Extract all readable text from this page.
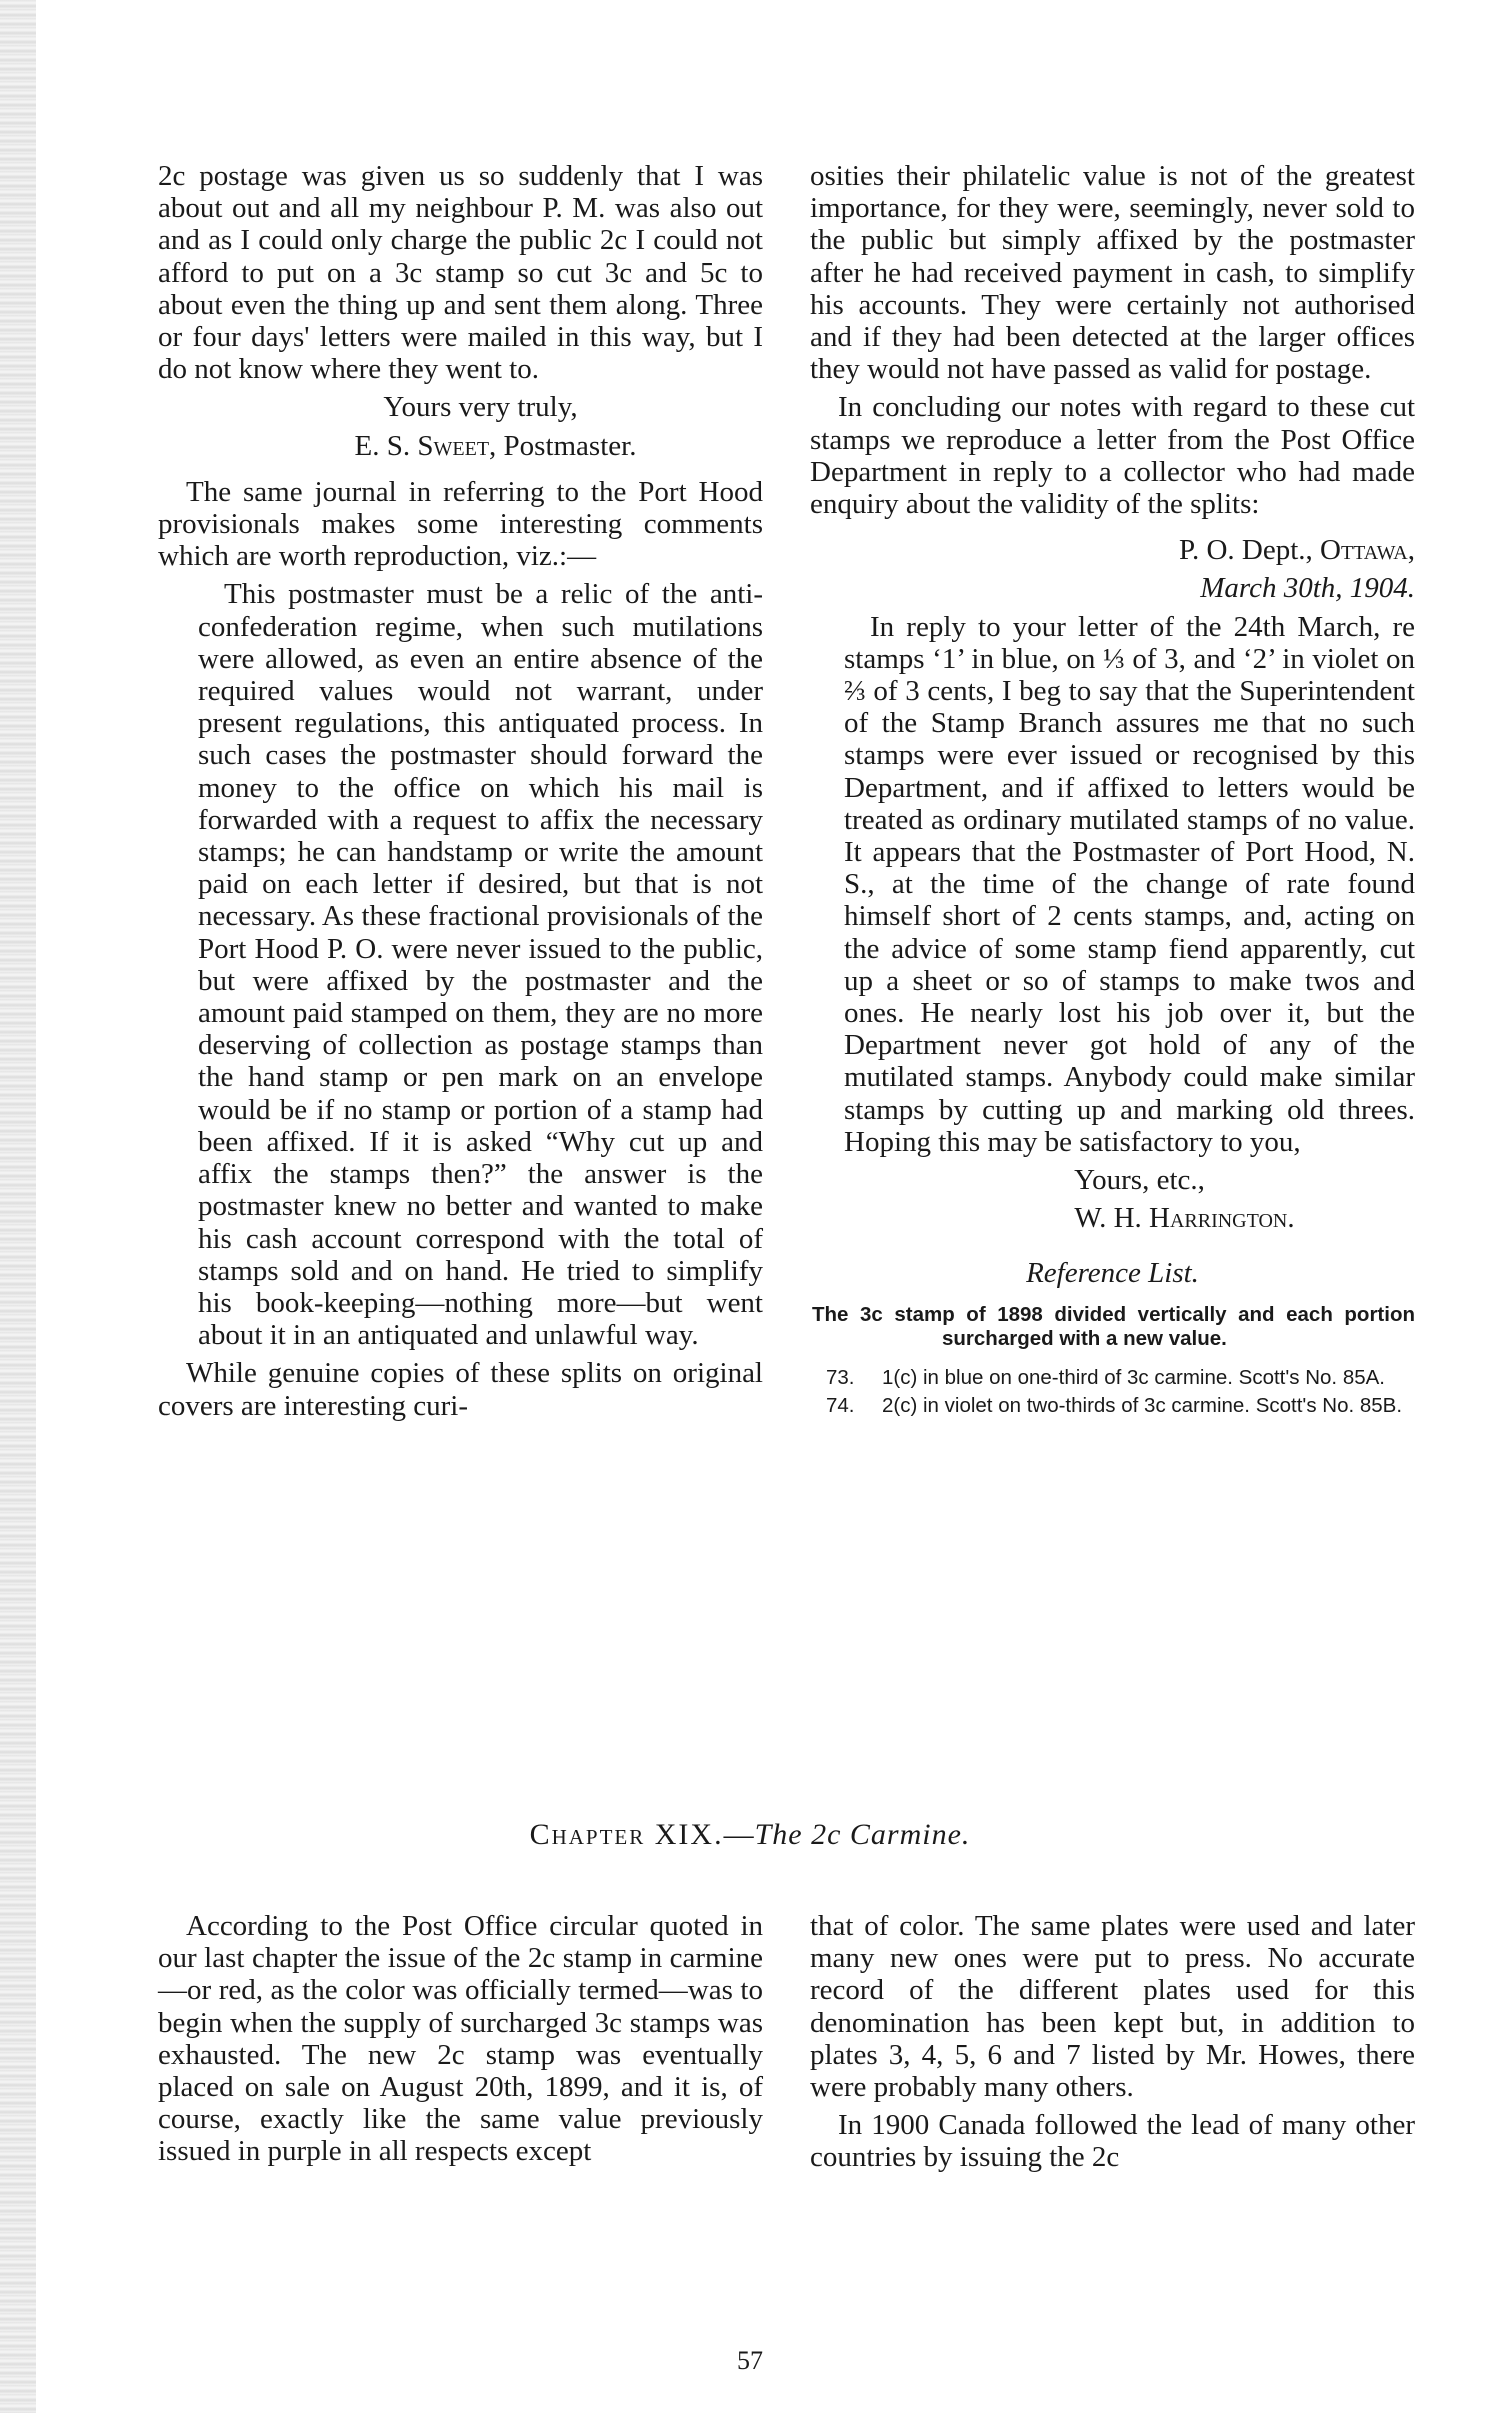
2c postage was given us so suddenly that I was about out and all my neighbour P. M. was also out and as I could only charge the public 2c I could not afford to put on a 3c stamp so cut 3c and 5c to about even the thing up and sent them along. Three or four days' letters were mailed in this way, but I do not know where they went to.

Yours very truly,

E. S. Sweet, Postmaster.

The same journal in referring to the Port Hood provisionals makes some interesting comments which are worth reproduction, viz.:—

This postmaster must be a relic of the anti-confederation regime, when such mutilations were allowed, as even an entire absence of the required values would not warrant, under present regulations, this antiquated process. In such cases the postmaster should forward the money to the office on which his mail is forwarded with a request to affix the necessary stamps; he can handstamp or write the amount paid on each letter if desired, but that is not necessary. As these fractional provisionals of the Port Hood P. O. were never issued to the public, but were affixed by the postmaster and the amount paid stamped on them, they are no more deserving of collection as postage stamps than the hand stamp or pen mark on an envelope would be if no stamp or portion of a stamp had been affixed. If it is asked “Why cut up and affix the stamps then?” the answer is the postmaster knew no better and wanted to make his cash account correspond with the total of stamps sold and on hand. He tried to simplify his book-keeping—nothing more—but went about it in an antiquated and unlawful way.

While genuine copies of these splits on original covers are interesting curi-

osities their philatelic value is not of the greatest importance, for they were, seemingly, never sold to the public but simply affixed by the postmaster after he had received payment in cash, to simplify his accounts. They were certainly not authorised and if they had been detected at the larger offices they would not have passed as valid for postage.

In concluding our notes with regard to these cut stamps we reproduce a letter from the Post Office Department in reply to a collector who had made enquiry about the validity of the splits:

P. O. Dept., Ottawa,

March 30th, 1904.

In reply to your letter of the 24th March, re stamps ‘1’ in blue, on ⅓ of 3, and ‘2’ in violet on ⅔ of 3 cents, I beg to say that the Superintendent of the Stamp Branch assures me that no such stamps were ever issued or recognised by this Department, and if affixed to letters would be treated as ordinary mutilated stamps of no value. It appears that the Postmaster of Port Hood, N. S., at the time of the change of rate found himself short of 2 cents stamps, and, acting on the advice of some stamp fiend apparently, cut up a sheet or so of stamps to make twos and ones. He nearly lost his job over it, but the Department never got hold of any of the mutilated stamps. Anybody could make similar stamps by cutting up and marking old threes. Hoping this may be satisfactory to you,

Yours, etc.,

W. H. Harrington.

Reference List.

The 3c stamp of 1898 divided vertically and each portion surcharged with a new value.

73.	1(c) in blue on one-third of 3c carmine. Scott's No. 85A.
74.	2(c) in violet on two-thirds of 3c carmine. Scott's No. 85B.
Chapter XIX.—The 2c Carmine.

According to the Post Office circular quoted in our last chapter the issue of the 2c stamp in carmine—or red, as the color was officially termed—was to begin when the supply of surcharged 3c stamps was exhausted. The new 2c stamp was eventually placed on sale on August 20th, 1899, and it is, of course, exactly like the same value previously issued in purple in all respects except

that of color. The same plates were used and later many new ones were put to press. No accurate record of the different plates used for this denomination has been kept but, in addition to plates 3, 4, 5, 6 and 7 listed by Mr. Howes, there were probably many others.

In 1900 Canada followed the lead of many other countries by issuing the 2c

57
